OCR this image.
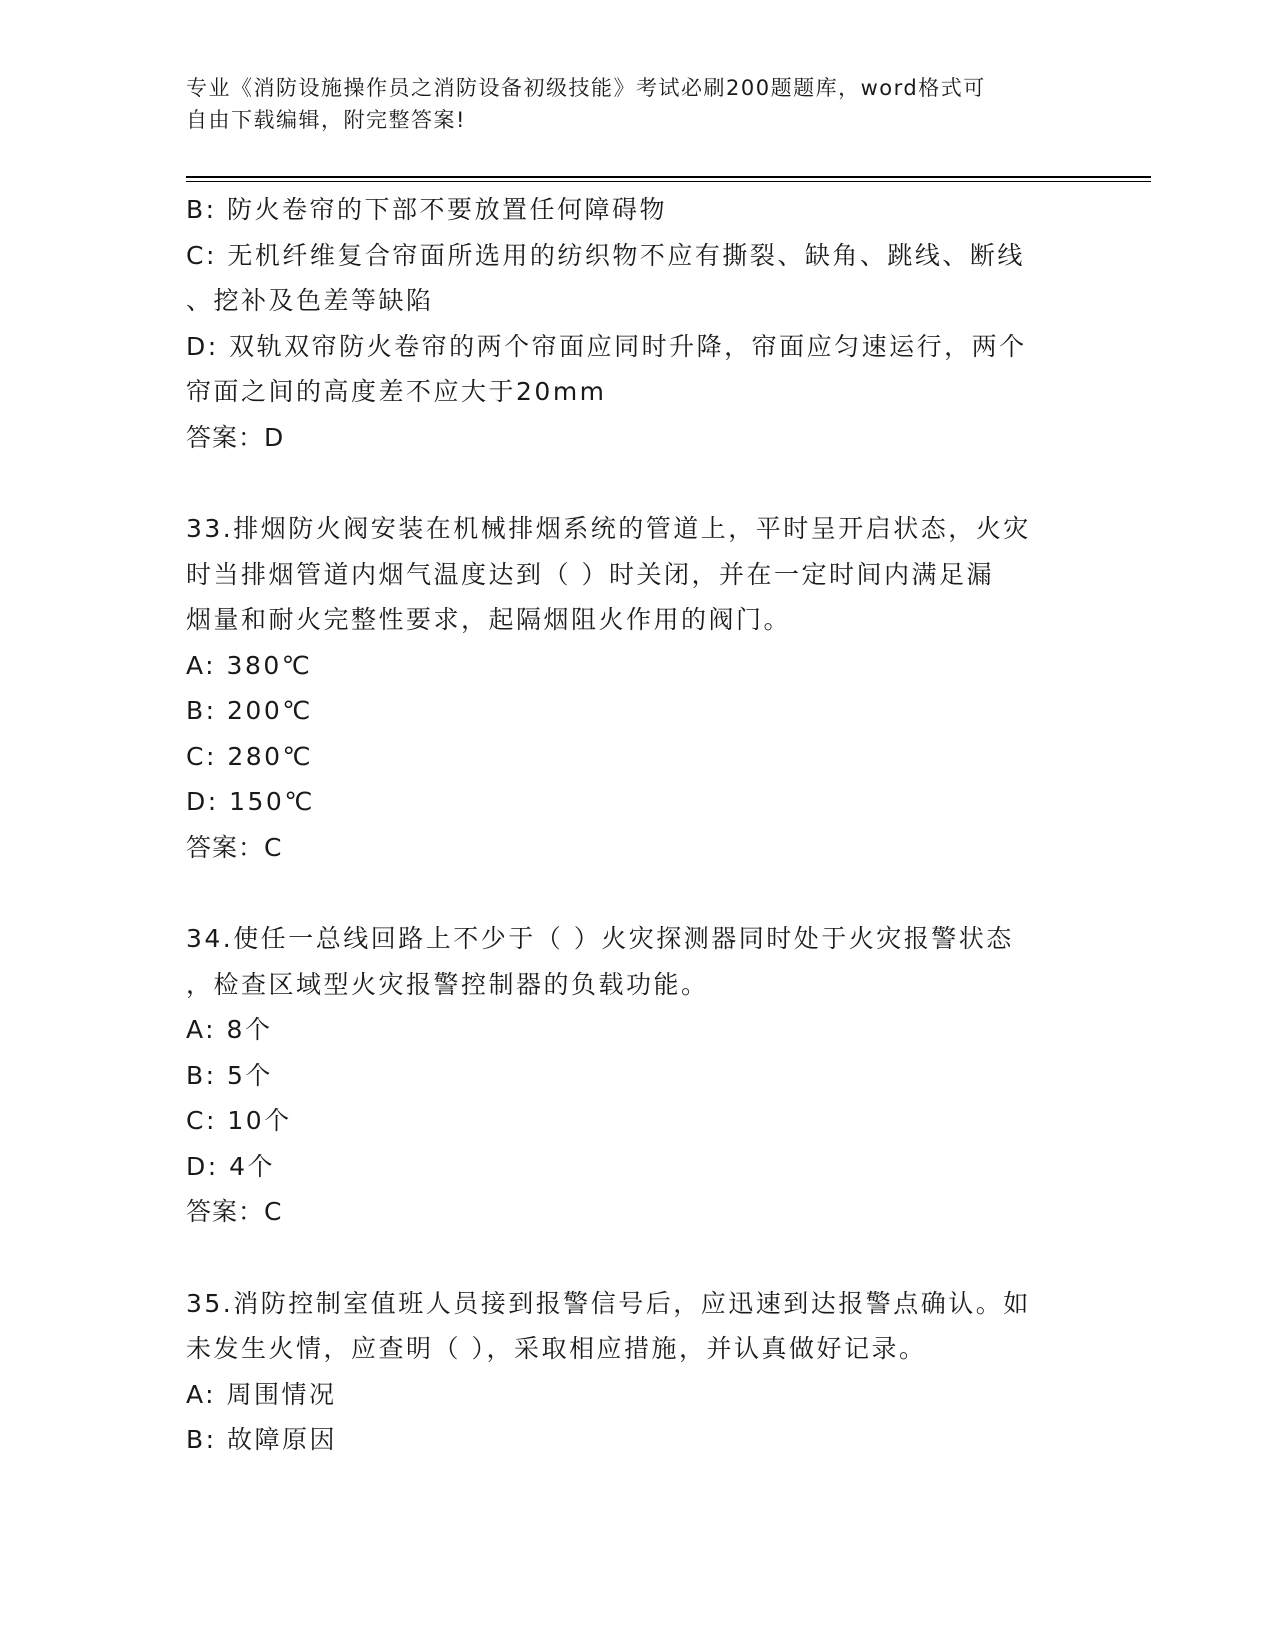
专业《消防设施操作员之消防设备初级技能》考试必刷200题题库，word格式可
自由下载编辑，附完整答案!
B: 防火卷帘的下部不要放置任何障碍物
C: 无机纤维复合帘面所选用的纺织物不应有撕裂、缺角、跳线、断线
、挖补及色差等缺陷
D: 双轨双帘防火卷帘的两个帘面应同时升降，帘面应匀速运行，两个
帘面之间的高度差不应大于20mm
答案：D
33.排烟防火阀安装在机械排烟系统的管道上，平时呈开启状态，火灾
时当排烟管道内烟气温度达到（ ）时关闭，并在一定时间内满足漏
烟量和耐火完整性要求，起隔烟阻火作用的阀门。
A: 380℃
B: 200℃
C: 280℃
D: 150℃
答案：C
34.使任一总线回路上不少于（ ）火灾探测器同时处于火灾报警状态
，检查区域型火灾报警控制器的负载功能。
A: 8个
B: 5个
C: 10个
D: 4个
答案：C
35.消防控制室值班人员接到报警信号后，应迅速到达报警点确认。如
未发生火情，应查明（ ），采取相应措施，并认真做好记录。
A: 周围情况
B: 故障原因
